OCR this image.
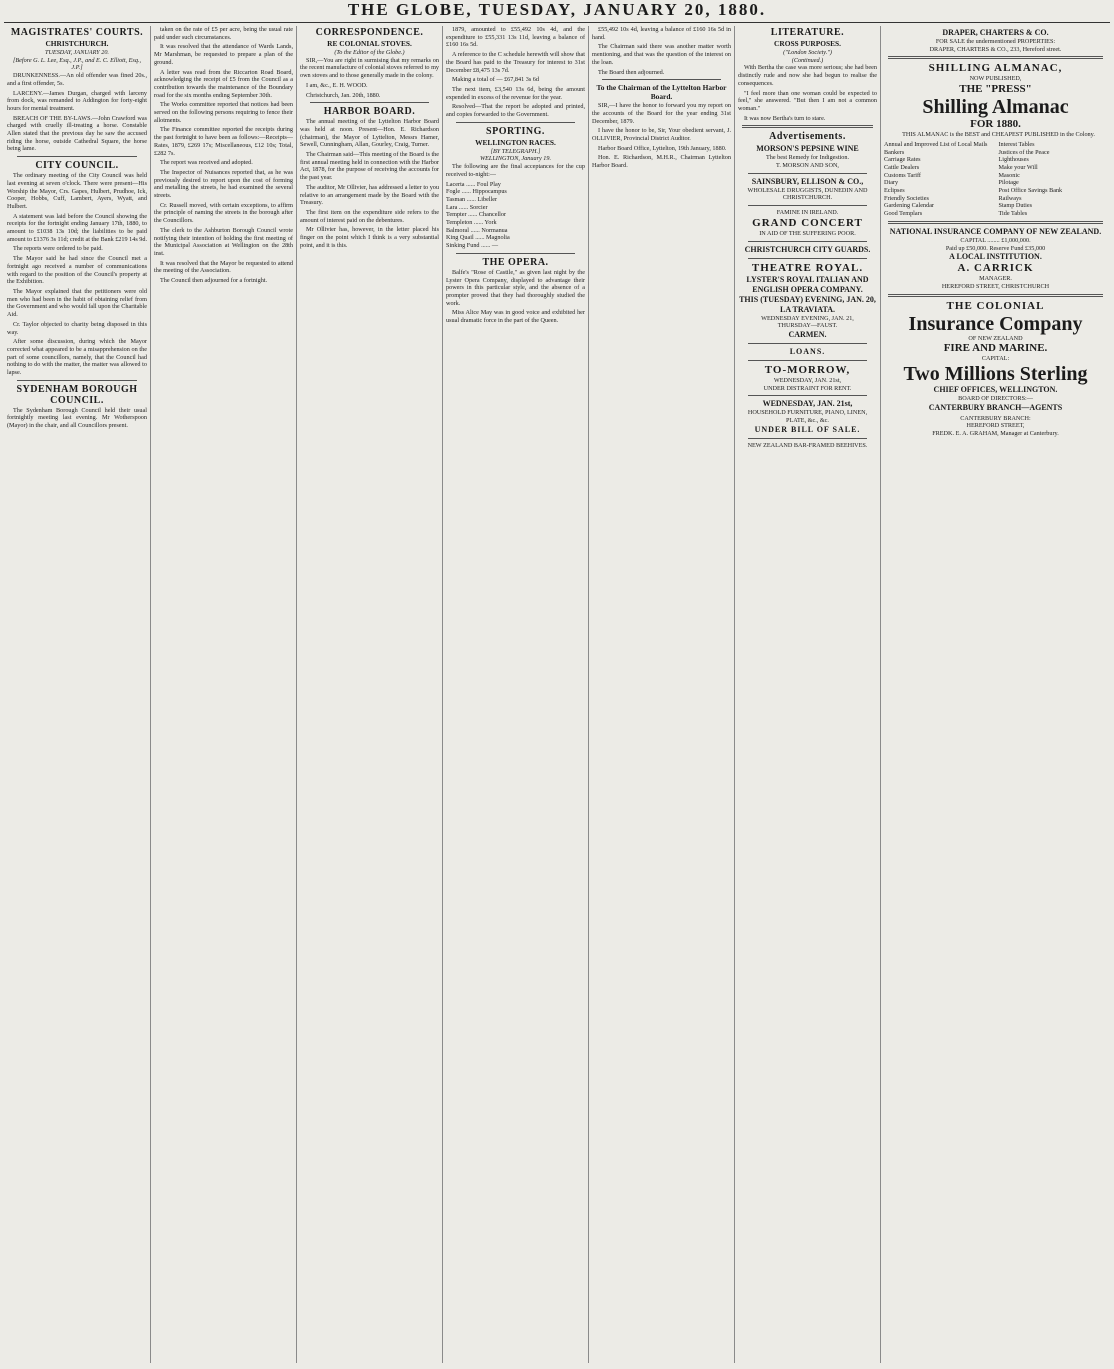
THE GLOBE, TUESDAY, JANUARY 20, 1880.
MAGISTRATES' COURTS.
CHRISTCHURCH.
TUESDAY, JANUARY 20.
[Before G. L. Lee, Esq., J.P., and E. C. Elliott, Esq., J.P.]

DRUNKENNESS.—An old offender was fined 20s., and a first offender, 5s.

LARCENY.—James Durgan, charged with larceny from dock, was remanded to Addington for forty-eight hours for mental treatment.

BREACH OF THE BY-LAWS.—John Crawford was charged with cruelly ill-treating a horse. Constable Allen stated that the previous day he saw the accused riding the horse, outside Cathedral Square, the horse being lame.

CITY COUNCIL.

The ordinary meeting of the City Council was held last evening at seven o'clock. There were present—His Worship the Mayor, Crs. Gapes, Hulbert, Prudhoe, Ick, Cooper, Hobbs, Cuff, Lambert, Ayers, Wyatt, and Hulbert.

A statement was laid before the Council showing the receipts for the fortnight ending January 17th, 1880, to amount to £1038 13s 10d; the liabilities to be paid amount to £1376 3s 11d; credit at the Bank £219 14s 9d.

The reports were ordered to be paid.

The Mayor said he had since the Council met a fortnight ago received a number of communications with regard to the position of the Council's property at the Exhibition.

The Mayor explained that the petitioners were old men who had been in the habit of obtaining relief from the Government and who would fall upon the Charitable Aid.

Cr. Taylor objected to charity being disposed in this way.

After some discussion, during which the Mayor corrected what appeared to be a misapprehension on the part of some councillors, namely, that the Council had nothing to do with the matter, the matter was allowed to lapse.

SYDENHAM BOROUGH COUNCIL.

The Sydenham Borough Council held their usual fortnightly meeting last evening. Mr Wotherspoon (Mayor) in the chair, and all Councillors present.

taken on the rate of £5 per acre, being the usual rate paid under such circumstances.

It was resolved that the attendance of Wards Lands, Mr Marshman, be requested to prepare a plan of the ground.

A letter was read from the Riccarton Road Board, acknowledging the receipt of £5 from the Council as a contribution towards the maintenance of the Boundary road for the six months ending September 30th.

The Works committee reported that notices had been served on the following persons requiring to fence their allotments.

The Finance committee reported the receipts during the past fortnight to have been as follows:—Receipts—Rates, 1879, £269 17s; Miscellaneous, £12 10s; Total, £282 7s.

The report was received and adopted.

The Inspector of Nuisances reported that, as he was previously desired to report upon the cost of forming and metalling the streets, he had examined the several streets.

Cr. Russell moved, with certain exceptions, to affirm the principle of naming the streets in the borough after the Councillors.

The clerk to the Ashburton Borough Council wrote notifying their intention of holding the first meeting of the Municipal Association at Wellington on the 28th inst.

It was resolved that the Mayor be requested to attend the meeting of the Association.

The Council then adjourned for a fortnight.

CORRESPONDENCE.
RE COLONIAL STOVES.
(To the Editor of the Globe.)

SIR,—You are right in surmising that my remarks on the recent manufacture of colonial stoves referred to my own stoves and to those generally made in the colony.

I am, &c., E. H. WOOD.

Christchurch, Jan. 20th, 1880.

HARBOR BOARD.

The annual meeting of the Lyttelton Harbor Board was held at noon. Present—Hon. E. Richardson (chairman), the Mayor of Lyttelton, Messrs Hamer, Sewell, Cunningham, Allan, Gourley, Craig, Turner.

The Chairman said—This meeting of the Board is the first annual meeting held in connection with the Harbor Act, 1878, for the purpose of receiving the accounts for the past year.

The auditor, Mr Ollivier, has addressed a letter to you relative to an arrangement made by the Board with the Treasury.

The first item on the expenditure side refers to the amount of interest paid on the debentures.

Mr Ollivier has, however, in the letter placed his finger on the point which I think is a very substantial point, and it is this.

1879, amounted to £55,492 10s 4d, and the expenditure to £55,331 13s 11d, leaving a balance of £160 16s 5d.

A reference to the C schedule herewith will show that the Board has paid to the Treasury for interest to 31st December £8,475 13s 7d.

Making a total of — £67,841 3s 6d

The next item, £3,540 13s 6d, being the amount expended in excess of the revenue for the year.

Resolved—That the report be adopted and printed, and copies forwarded to the Government.

SPORTING.
WELLINGTON RACES.
[BY TELEGRAPH.]
WELLINGTON, January 19.

The following are the final acceptances for the cup received to-night:—

Lacerta ...... Foul Play
Fogle ...... Hippocampus
Tasman ...... Libeller
Lara ...... Sorcier
Tempter ...... Chancellor
Templeton ...... York
Balmoral ...... Normanua
King Quail ...... Magnolia
Sinking Fund ...... —
THE OPERA.

Balfe's "Rose of Castile," as given last night by the Lyster Opera Company, displayed to advantage their powers in this particular style, and the absence of a prompter proved that they had thoroughly studied the work.

Miss Alice May was in good voice and exhibited her usual dramatic force in the part of the Queen.

£55,492 10s 4d, leaving a balance of £160 16s 5d in hand.

The Chairman said there was another matter worth mentioning, and that was the question of the interest on the loan.

The Board then adjourned.

To the Chairman of the Lyttelton Harbor Board.

SIR,—I have the honor to forward you my report on the accounts of the Board for the year ending 31st December, 1879.

I have the honor to be, Sir, Your obedient servant, J. OLLIVIER, Provincial District Auditor.

Harbor Board Office, Lyttelton, 19th January, 1880.

Hon. E. Richardson, M.H.R., Chairman Lyttelton Harbor Board.

LITERATURE.
CROSS PURPOSES.
("London Society.")
(Continued.)

With Bertha the case was more serious; she had been distinctly rude and now she had begun to realise the consequences.

"I feel more than one woman could be expected to feel," she answered. "But then I am not a common woman."

It was now Bertha's turn to stare.

Advertisements.
MORSON'S PEPSINE WINE
The best Remedy for Indigestion.
T. MORSON AND SON,
SAINSBURY, ELLISON & CO.,
WHOLESALE DRUGGISTS, DUNEDIN AND CHRISTCHURCH.
FAMINE IN IRELAND.
GRAND CONCERT
IN AID OF THE SUFFERING POOR.
CHRISTCHURCH CITY GUARDS.
THEATRE ROYAL.
LYSTER'S ROYAL ITALIAN AND ENGLISH OPERA COMPANY.
THIS (TUESDAY) EVENING, JAN. 20,
LA TRAVIATA.
WEDNESDAY EVENING, JAN. 21,
THURSDAY—FAUST.
CARMEN.
LOANS.
TO-MORROW,
WEDNESDAY, JAN. 21st,
UNDER DISTRAINT FOR RENT.
WEDNESDAY, JAN. 21st,
HOUSEHOLD FURNITURE, PIANO, LINEN, PLATE, &c., &c.
UNDER BILL OF SALE.
NEW ZEALAND BAR-FRAMED BEEHIVES.
DRAPER, CHARTERS & CO.
FOR SALE the undermentioned PROPERTIES:
DRAPER, CHARTERS & CO., 233, Hereford street.
SHILLING ALMANAC,
NOW PUBLISHED,
THE "PRESS"
Shilling Almanac
FOR 1880.

THIS ALMANAC is the BEST and CHEAPEST PUBLISHED in the Colony.

Annual and Improved List of Local Mails
Bankers
Carriage Rates
Cattle Dealers
Customs Tariff
Diary
Eclipses
Friendly Societies
Gardening Calendar
Good Templars
Interest Tables
Justices of the Peace
Lighthouses
Make your Will
Masonic
Pilotage
Post Office Savings Bank
Railways
Stamp Duties
Tide Tables
NATIONAL INSURANCE COMPANY OF NEW ZEALAND.
CAPITAL ........ £1,000,000.
Paid up £50,000. Reserve Fund £35,000
A LOCAL INSTITUTION.
A. CARRICK
MANAGER.
HEREFORD STREET, CHRISTCHURCH
THE COLONIAL
Insurance Company
OF NEW ZEALAND
FIRE AND MARINE.
CAPITAL:
Two Millions Sterling
CHIEF OFFICES, WELLINGTON.
BOARD OF DIRECTORS:—
CANTERBURY BRANCH—AGENTS
CANTERBURY BRANCH:
HEREFORD STREET,
FREDK. E. A. GRAHAM, Manager at Canterbury.
